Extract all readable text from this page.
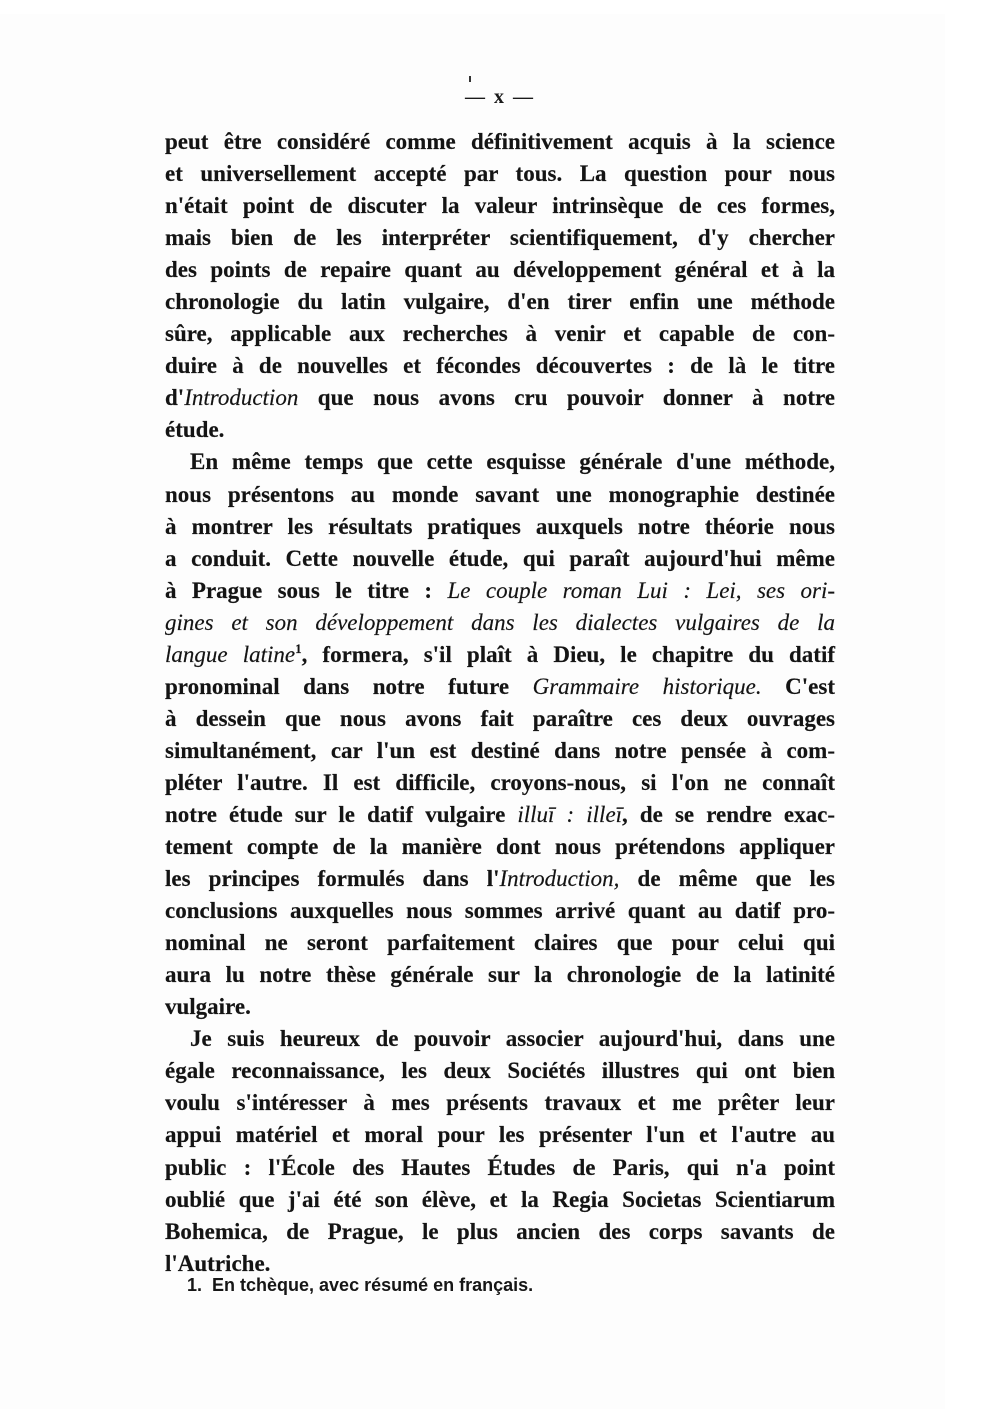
— x —
peut être considéré comme définitivement acquis à la science
et universellement accepté par tous. La question pour nous
n'était point de discuter la valeur intrinsèque de ces formes,
mais bien de les interpréter scientifiquement, d'y chercher
des points de repaire quant au développement général et à la
chronologie du latin vulgaire, d'en tirer enfin une méthode
sûre, applicable aux recherches à venir et capable de con-
duire à de nouvelles et fécondes découvertes : de là le titre
d'Introduction que nous avons cru pouvoir donner à notre
étude.
En même temps que cette esquisse générale d'une méthode,
nous présentons au monde savant une monographie destinée
à montrer les résultats pratiques auxquels notre théorie nous
a conduit. Cette nouvelle étude, qui paraît aujourd'hui même
à Prague sous le titre : Le couple roman Lui : Lei, ses ori-
gines et son développement dans les dialectes vulgaires de la
langue latine$^1$, formera, s'il plaît à Dieu, le chapitre du datif
pronominal dans notre future Grammaire historique. C'est
à dessein que nous avons fait paraître ces deux ouvrages
simultanément, car l'un est destiné dans notre pensée à com-
pléter l'autre. Il est difficile, croyons-nous, si l'on ne connaît
notre étude sur le datif vulgaire illuī : illeī, de se rendre exac-
tement compte de la manière dont nous prétendons appliquer
les principes formulés dans l'Introduction, de même que les
conclusions auxquelles nous sommes arrivé quant au datif pro-
nominal ne seront parfaitement claires que pour celui qui
aura lu notre thèse générale sur la chronologie de la latinité
vulgaire.
Je suis heureux de pouvoir associer aujourd'hui, dans une
égale reconnaissance, les deux Sociétés illustres qui ont bien
voulu s'intéresser à mes présents travaux et me prêter leur
appui matériel et moral pour les présenter l'un et l'autre au
public : l'École des Hautes Études de Paris, qui n'a point
oublié que j'ai été son élève, et la Regia Societas Scientiarum
Bohemica, de Prague, le plus ancien des corps savants de
l'Autriche.
1. En tchèque, avec résumé en français.
